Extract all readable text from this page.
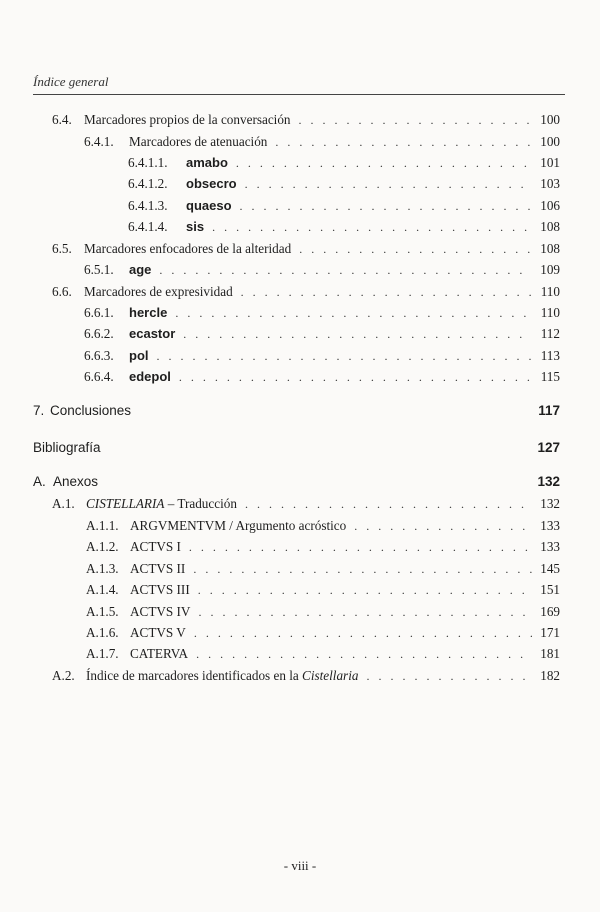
Índice general
6.4. Marcadores propios de la conversación . . .	100
6.4.1.	Marcadores de atenuación . . .	100
6.4.1.1.	amabo . . .	101
6.4.1.2.	obsecro . . .	103
6.4.1.3.	quaeso . . .	106
6.4.1.4.	sis . . .	108
6.5. Marcadores enfocadores de la alteridad . . .	108
6.5.1.	age . . .	109
6.6. Marcadores de expresividad . . .	110
6.6.1.	hercle . . .	110
6.6.2.	ecastor . . .	112
6.6.3.	pol . . .	113
6.6.4.	edepol . . .	115
7. Conclusiones	117
Bibliografía	127
A. Anexos	132
A.1. CISTELLARIA – Traducción . . .	132
A.1.1. ARGVMENTVM / Argumento acróstico . . .	133
A.1.2. ACTVS I . . .	133
A.1.3. ACTVS II . . .	145
A.1.4. ACTVS III . . .	151
A.1.5. ACTVS IV . . .	169
A.1.6. ACTVS V . . .	171
A.1.7. CATERVA . . .	181
A.2. Índice de marcadores identificados en la Cistellaria . . .	182
- viii -
